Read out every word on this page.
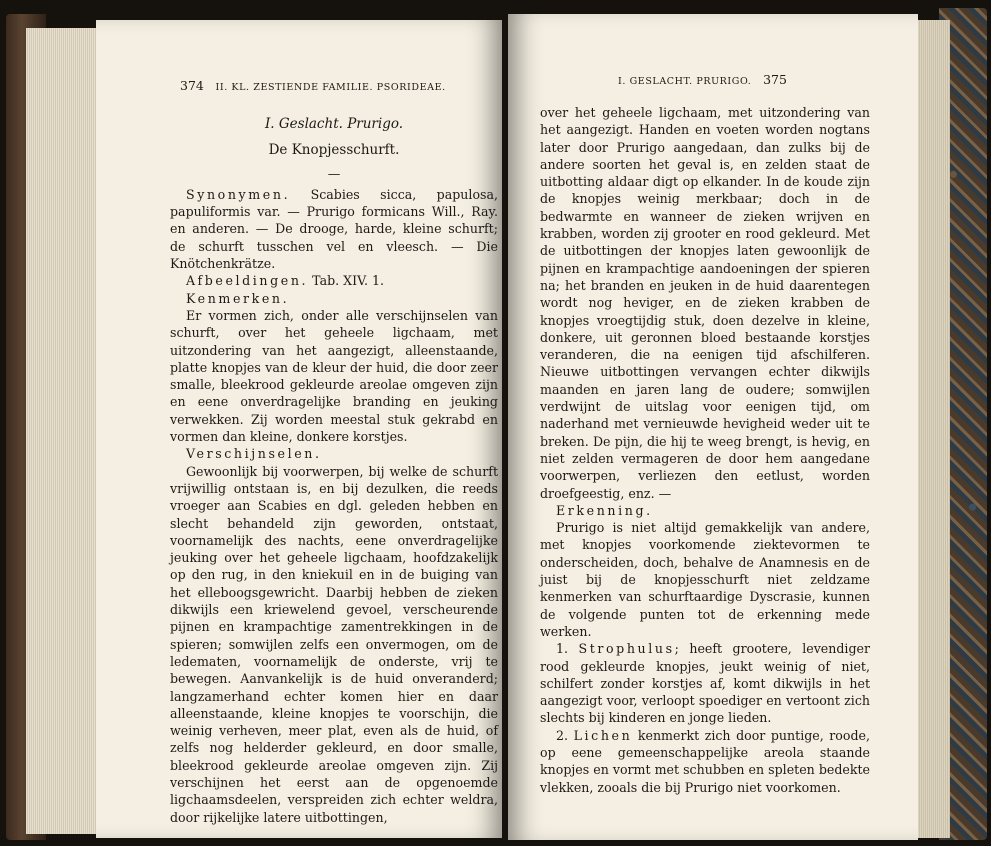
374 II. KL. ZESTIENDE FAMILIE. PSORIDEAE.

I. Geslacht. Prurigo.

De Knopjesschurft.

—

Synonymen. Scabies sicca, papulosa, papuliformis var. — Prurigo formicans Will., Ray. en anderen. — De drooge, harde, kleine schurft; de schurft tusschen vel en vleesch. — Die Knötchenkrätze.

Afbeeldingen. Tab. XIV. 1.

Kenmerken.

Er vormen zich, onder alle verschijnselen van schurft, over het geheele ligchaam, met uitzondering van het aangezigt, alleenstaande, platte knopjes van de kleur der huid, die door zeer smalle, bleekrood gekleurde areolae omgeven zijn en eene onverdragelijke branding en jeuking verwekken. Zij worden meestal stuk gekrabd en vormen dan kleine, donkere korstjes.

Verschijnselen.

Gewoonlijk bij voorwerpen, bij welke de schurft vrijwillig ontstaan is, en bij dezulken, die reeds vroeger aan Scabies en dgl. geleden hebben en slecht behandeld zijn geworden, ontstaat, voornamelijk des nachts, eene onverdragelijke jeuking over het geheele ligchaam, hoofdzakelijk op den rug, in den kniekuil en in de buiging van het elleboogsgewricht. Daarbij hebben de zieken dikwijls een kriewelend gevoel, verscheurende pijnen en krampachtige zamentrekkingen in de spieren; somwijlen zelfs een onvermogen, om de ledematen, voornamelijk de onderste, vrij te bewegen. Aanvankelijk is de huid onveranderd; langzamerhand echter komen hier en daar alleenstaande, kleine knopjes te voorschijn, die weinig verheven, meer plat, even als de huid, of zelfs nog helderder gekleurd, en door smalle, bleekrood gekleurde areolae omgeven zijn. Zij verschijnen het eerst aan de opgenoemde ligchaamsdeelen, verspreiden zich echter weldra, door rijkelijke latere uitbottingen,

I. GESLACHT. PRURIGO. 375

over het geheele ligchaam, met uitzondering van het aangezigt. Handen en voeten worden nogtans later door Prurigo aangedaan, dan zulks bij de andere soorten het geval is, en zelden staat de uitbotting aldaar digt op elkander. In de koude zijn de knopjes weinig merkbaar; doch in de bedwarmte en wanneer de zieken wrijven en krabben, worden zij grooter en rood gekleurd. Met de uitbottingen der knopjes laten gewoonlijk de pijnen en krampachtige aandoeningen der spieren na; het branden en jeuken in de huid daarentegen wordt nog heviger, en de zieken krabben de knopjes vroegtijdig stuk, doen dezelve in kleine, donkere, uit geronnen bloed bestaande korstjes veranderen, die na eenigen tijd afschilferen. Nieuwe uitbottingen vervangen echter dikwijls maanden en jaren lang de oudere; somwijlen verdwijnt de uitslag voor eenigen tijd, om naderhand met vernieuwde hevigheid weder uit te breken. De pijn, die hij te weeg brengt, is hevig, en niet zelden vermageren de door hem aangedane voorwerpen, verliezen den eetlust, worden droefgeestig, enz. —

Erkenning.

Prurigo is niet altijd gemakkelijk van andere, met knopjes voorkomende ziektevormen te onderscheiden, doch, behalve de Anamnesis en de juist bij de knopjesschurft niet zeldzame kenmerken van schurftaardige Dyscrasie, kunnen de volgende punten tot de erkenning mede werken.

1. Strophulus; heeft grootere, levendiger rood gekleurde knopjes, jeukt weinig of niet, schilfert zonder korstjes af, komt dikwijls in het aangezigt voor, verloopt spoediger en vertoont zich slechts bij kinderen en jonge lieden.

2. Lichen kenmerkt zich door puntige, roode, op eene gemeenschappelijke areola staande knopjes en vormt met schubben en spleten bedekte vlekken, zooals die bij Prurigo niet voorkomen.
